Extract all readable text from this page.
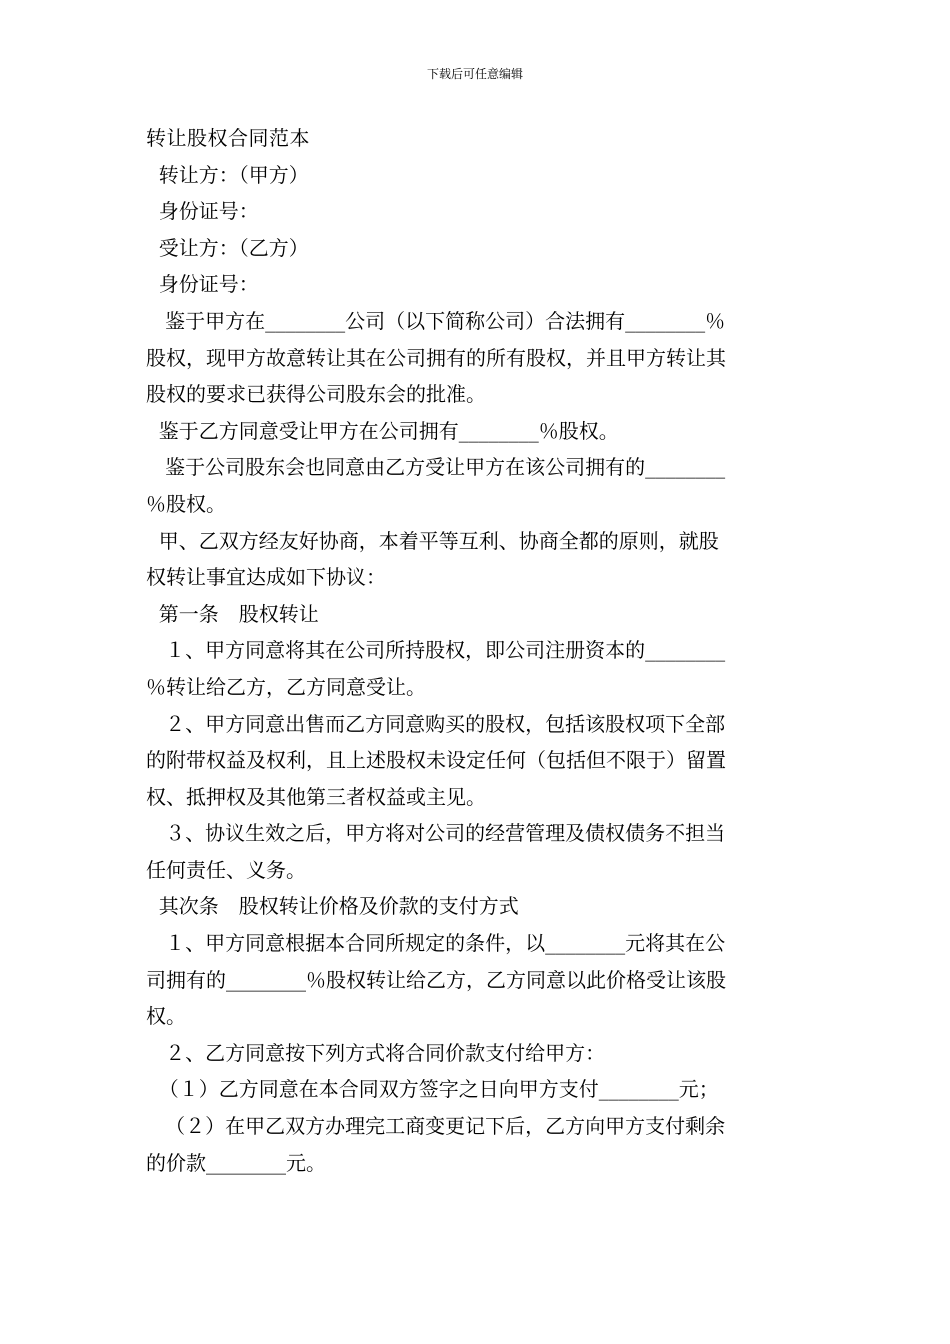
下载后可任意编辑
转让股权合同范本
转让方：（甲方）
身份证号：
受让方：（乙方）
身份证号：
鉴于甲方在________公司（以下简称公司）合法拥有________％
股权，现甲方故意转让其在公司拥有的所有股权，并且甲方转让其
股权的要求已获得公司股东会的批准。
鉴于乙方同意受让甲方在公司拥有________％股权。
鉴于公司股东会也同意由乙方受让甲方在该公司拥有的________
％股权。
甲、乙双方经友好协商，本着平等互利、协商全都的原则，就股
权转让事宜达成如下协议：
第一条　股权转让
１、甲方同意将其在公司所持股权，即公司注册资本的________
％转让给乙方，乙方同意受让。
２、甲方同意出售而乙方同意购买的股权，包括该股权项下全部
的附带权益及权利，且上述股权未设定任何（包括但不限于）留置
权、抵押权及其他第三者权益或主见。
３、协议生效之后，甲方将对公司的经营管理及债权债务不担当
任何责任、义务。
其次条　股权转让价格及价款的支付方式
１、甲方同意根据本合同所规定的条件，以________元将其在公
司拥有的________％股权转让给乙方，乙方同意以此价格受让该股
权。
２、乙方同意按下列方式将合同价款支付给甲方：
（１）乙方同意在本合同双方签字之日向甲方支付________元；
（２）在甲乙双方办理完工商变更记下后，乙方向甲方支付剩余
的价款________元。
